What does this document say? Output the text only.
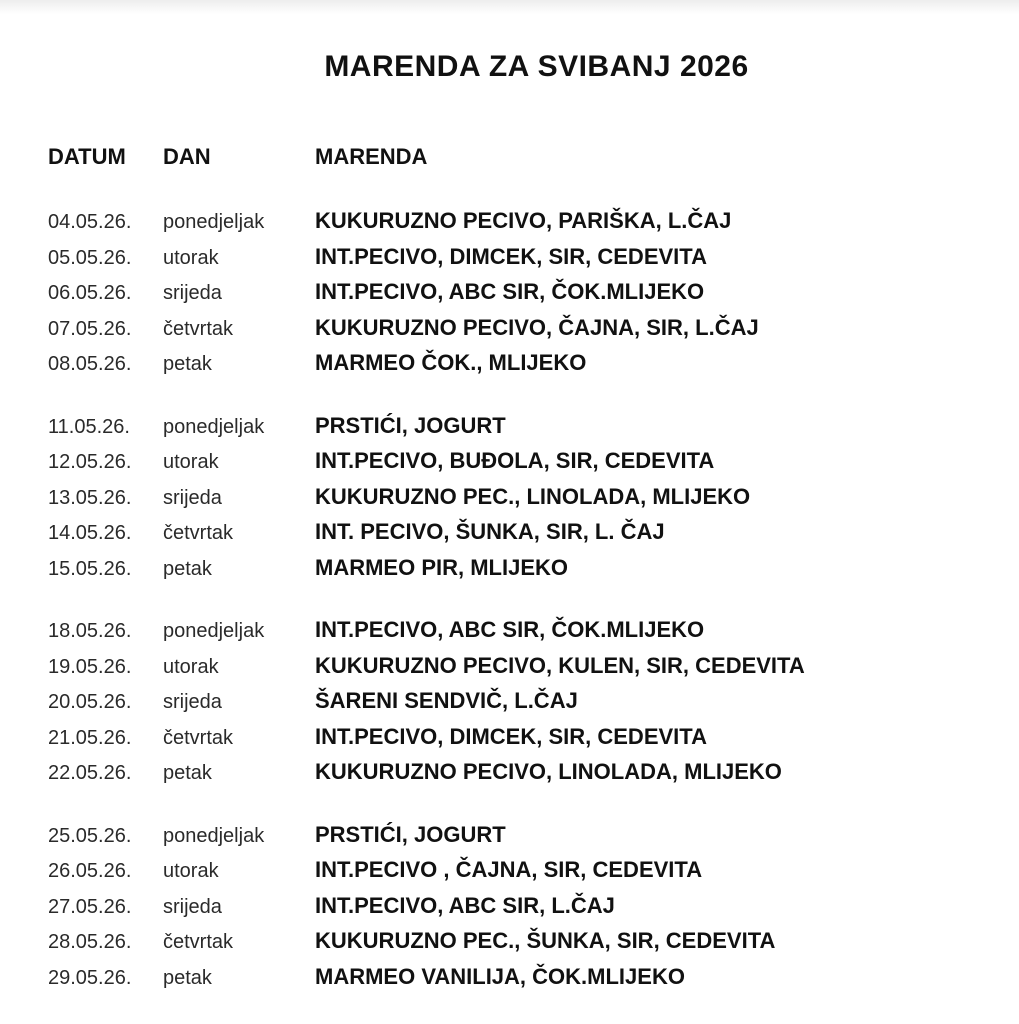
MARENDA ZA SVIBANJ 2026
DATUM	DAN	MARENDA
04.05.26.	ponedjeljak	KUKURUZNO PECIVO, PARIŠKA, L.ČAJ
05.05.26.	utorak	INT.PECIVO, DIMCEK, SIR, CEDEVITA
06.05.26.	srijeda	INT.PECIVO, ABC SIR, ČOK.MLIJEKO
07.05.26.	četvrtak	KUKURUZNO PECIVO, ČAJNA, SIR, L.ČAJ
08.05.26.	petak	MARMEO ČOK., MLIJEKO
11.05.26.	ponedjeljak	PRSTIĆI, JOGURT
12.05.26.	utorak	INT.PECIVO, BUĐOLA, SIR, CEDEVITA
13.05.26.	srijeda	KUKURUZNO PEC., LINOLADA, MLIJEKO
14.05.26.	četvrtak	INT. PECIVO, ŠUNKA, SIR, L. ČAJ
15.05.26.	petak	MARMEO PIR, MLIJEKO
18.05.26.	ponedjeljak	INT.PECIVO, ABC SIR, ČOK.MLIJEKO
19.05.26.	utorak	KUKURUZNO PECIVO, KULEN, SIR, CEDEVITA
20.05.26.	srijeda	ŠARENI SENDVIČ, L.ČAJ
21.05.26.	četvrtak	INT.PECIVO, DIMCEK, SIR, CEDEVITA
22.05.26.	petak	KUKURUZNO PECIVO, LINOLADA, MLIJEKO
25.05.26.	ponedjeljak	PRSTIĆI, JOGURT
26.05.26.	utorak	INT.PECIVO , ČAJNA, SIR, CEDEVITA
27.05.26.	srijeda	INT.PECIVO, ABC SIR, L.ČAJ
28.05.26.	četvrtak	KUKURUZNO PEC., ŠUNKA, SIR, CEDEVITA
29.05.26.	petak	MARMEO VANILIJA, ČOK.MLIJEKO
